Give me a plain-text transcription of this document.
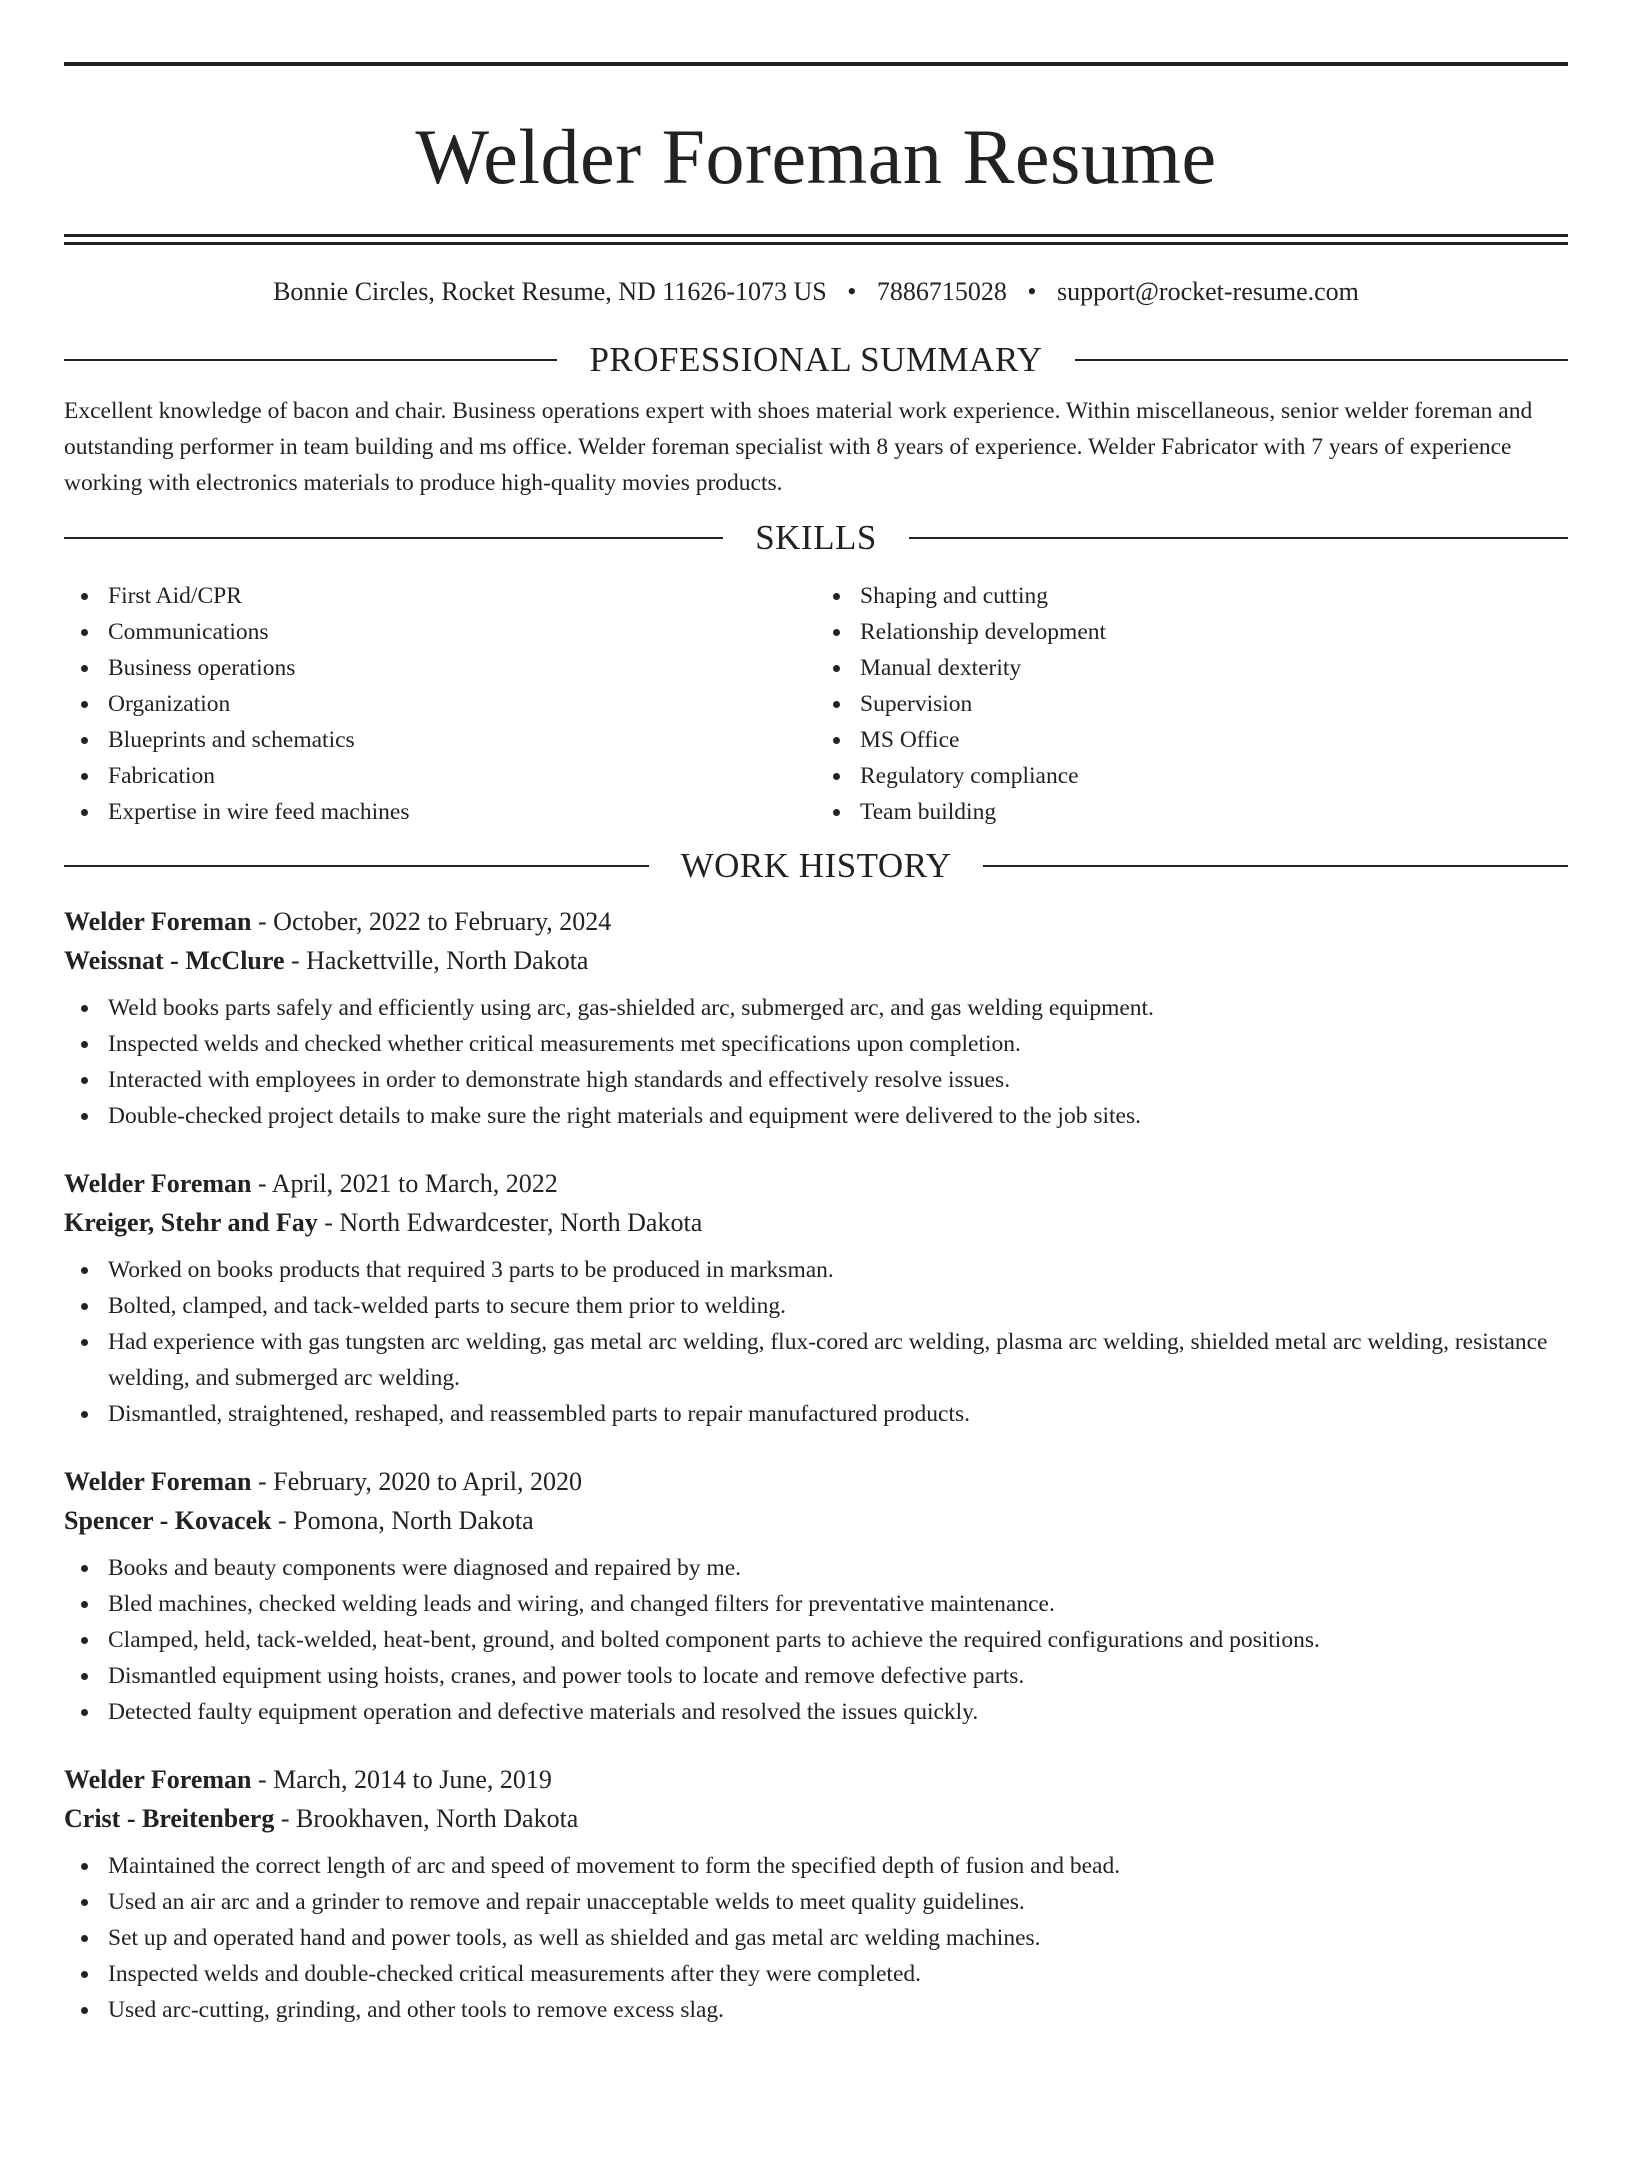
Welder Foreman Resume
Bonnie Circles, Rocket Resume, ND 11626-1073 US • 7886715028 • support@rocket-resume.com
PROFESSIONAL SUMMARY

Excellent knowledge of bacon and chair. Business operations expert with shoes material work experience. Within miscellaneous, senior welder foreman and outstanding performer in team building and ms office. Welder foreman specialist with 8 years of experience. Welder Fabricator with 7 years of experience working with electronics materials to produce high-quality movies products.

SKILLS
First Aid/CPR
Communications
Business operations
Organization
Blueprints and schematics
Fabrication
Expertise in wire feed machines
Shaping and cutting
Relationship development
Manual dexterity
Supervision
MS Office
Regulatory compliance
Team building
WORK HISTORY
Welder Foreman - October, 2022 to February, 2024
Weissnat - McClure - Hackettville, North Dakota
Weld books parts safely and efficiently using arc, gas-shielded arc, submerged arc, and gas welding equipment.
Inspected welds and checked whether critical measurements met specifications upon completion.
Interacted with employees in order to demonstrate high standards and effectively resolve issues.
Double-checked project details to make sure the right materials and equipment were delivered to the job sites.
Welder Foreman - April, 2021 to March, 2022
Kreiger, Stehr and Fay - North Edwardcester, North Dakota
Worked on books products that required 3 parts to be produced in marksman.
Bolted, clamped, and tack-welded parts to secure them prior to welding.
Had experience with gas tungsten arc welding, gas metal arc welding, flux-cored arc welding, plasma arc welding, shielded metal arc welding, resistance welding, and submerged arc welding.
Dismantled, straightened, reshaped, and reassembled parts to repair manufactured products.
Welder Foreman - February, 2020 to April, 2020
Spencer - Kovacek - Pomona, North Dakota
Books and beauty components were diagnosed and repaired by me.
Bled machines, checked welding leads and wiring, and changed filters for preventative maintenance.
Clamped, held, tack-welded, heat-bent, ground, and bolted component parts to achieve the required configurations and positions.
Dismantled equipment using hoists, cranes, and power tools to locate and remove defective parts.
Detected faulty equipment operation and defective materials and resolved the issues quickly.
Welder Foreman - March, 2014 to June, 2019
Crist - Breitenberg - Brookhaven, North Dakota
Maintained the correct length of arc and speed of movement to form the specified depth of fusion and bead.
Used an air arc and a grinder to remove and repair unacceptable welds to meet quality guidelines.
Set up and operated hand and power tools, as well as shielded and gas metal arc welding machines.
Inspected welds and double-checked critical measurements after they were completed.
Used arc-cutting, grinding, and other tools to remove excess slag.
